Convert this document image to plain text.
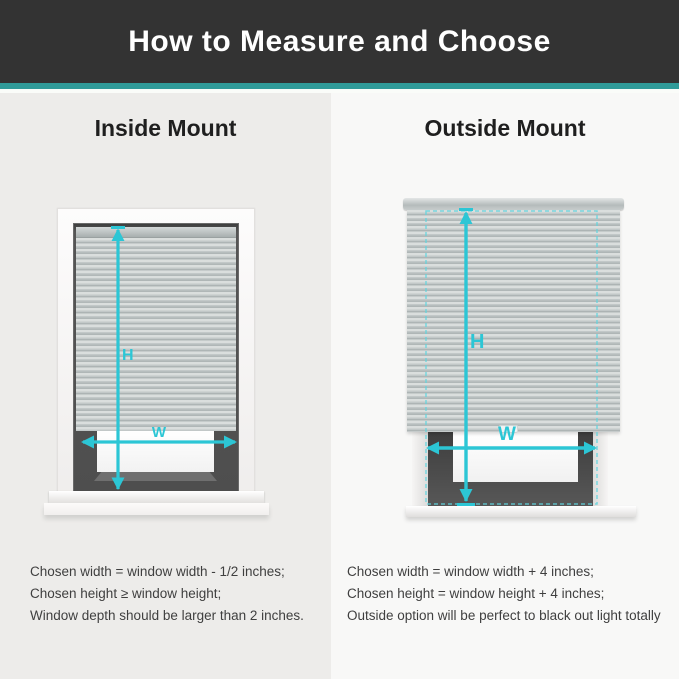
How to Measure and Choose
Inside Mount	Outside Mount
H
W
H
W
Chosen width = window width - 1/2 inches;
Chosen height ≥ window height;
Window depth should be larger than 2 inches.
Chosen width = window width + 4 inches;
Chosen height = window height + 4 inches;
Outside option will be perfect to black out light totally
